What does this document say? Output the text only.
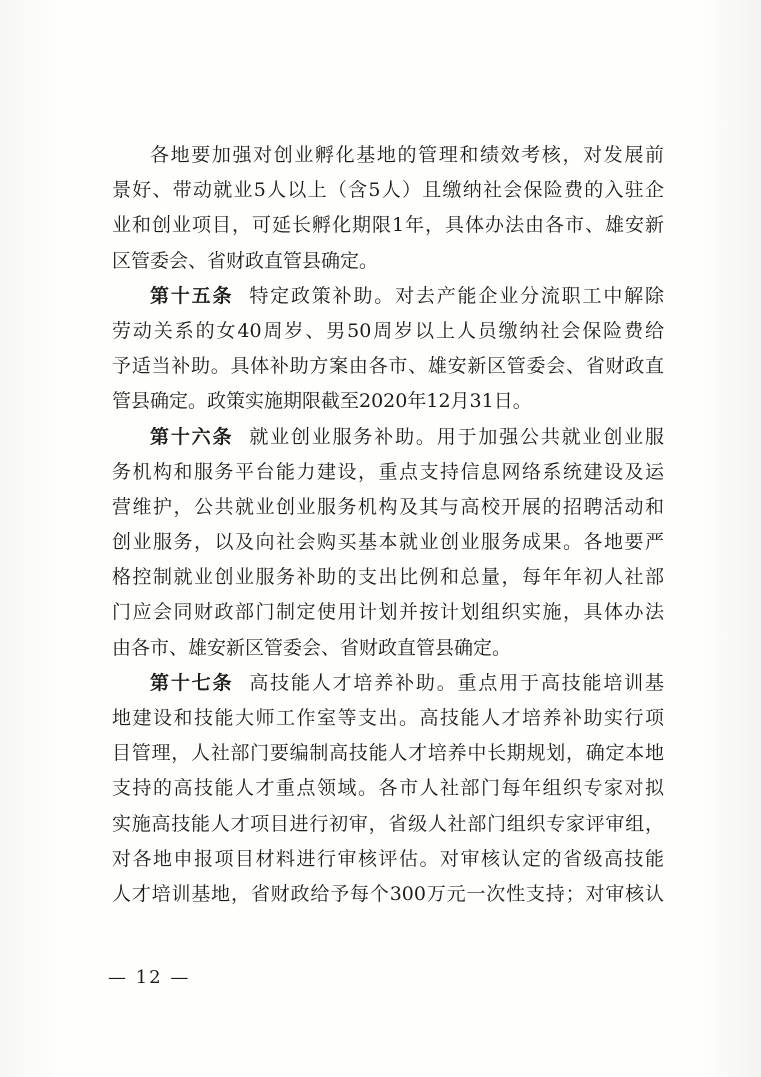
各地要加强对创业孵化基地的管理和绩效考核，对发展前
景好、带动就业5人以上（含5人）且缴纳社会保险费的入驻企
业和创业项目，可延长孵化期限1年，具体办法由各市、雄安新
区管委会、省财政直管县确定。
第十五条 特定政策补助。对去产能企业分流职工中解除
劳动关系的女40周岁、男50周岁以上人员缴纳社会保险费给
予适当补助。具体补助方案由各市、雄安新区管委会、省财政直
管县确定。政策实施期限截至2020年12月31日。
第十六条 就业创业服务补助。用于加强公共就业创业服
务机构和服务平台能力建设，重点支持信息网络系统建设及运
营维护，公共就业创业服务机构及其与高校开展的招聘活动和
创业服务，以及向社会购买基本就业创业服务成果。各地要严
格控制就业创业服务补助的支出比例和总量，每年年初人社部
门应会同财政部门制定使用计划并按计划组织实施，具体办法
由各市、雄安新区管委会、省财政直管县确定。
第十七条 高技能人才培养补助。重点用于高技能培训基
地建设和技能大师工作室等支出。高技能人才培养补助实行项
目管理，人社部门要编制高技能人才培养中长期规划，确定本地
支持的高技能人才重点领域。各市人社部门每年组织专家对拟
实施高技能人才项目进行初审，省级人社部门组织专家评审组，
对各地申报项目材料进行审核评估。对审核认定的省级高技能
人才培训基地，省财政给予每个300万元一次性支持；对审核认
— 12 —
